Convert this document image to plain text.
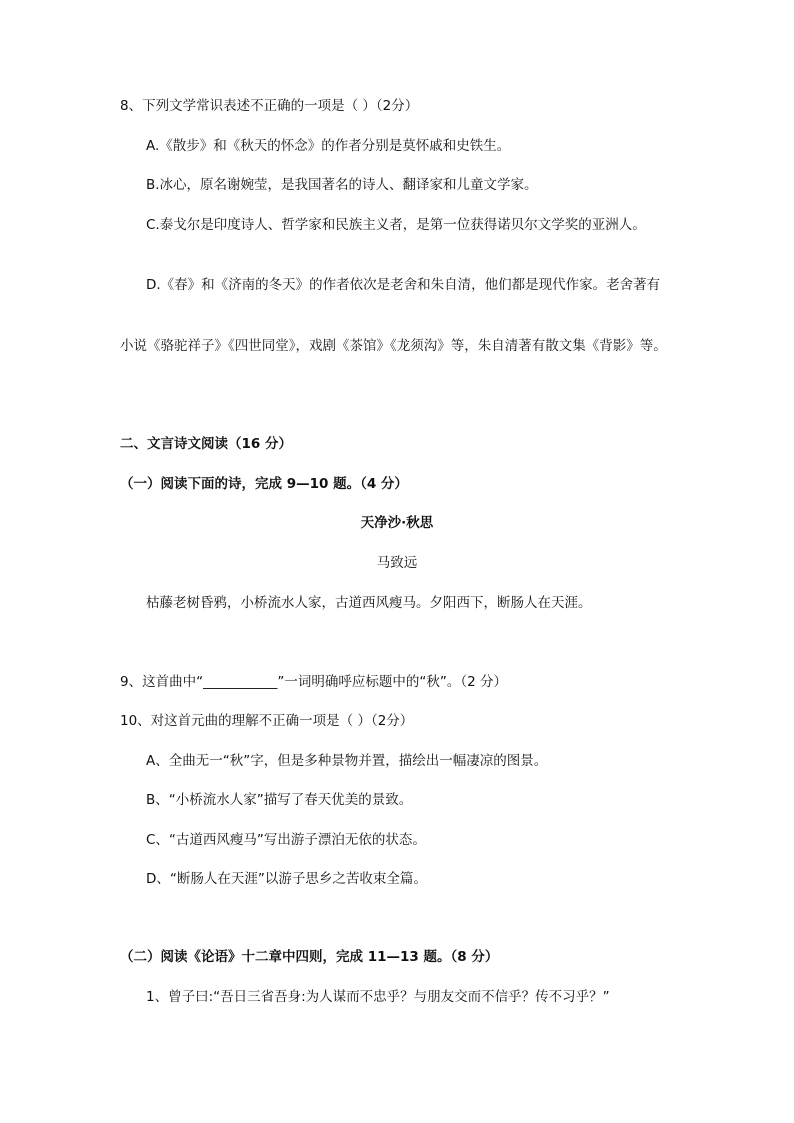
8、下列文学常识表述不正确的一项是（ ）（2分）
A.《散步》和《秋天的怀念》的作者分别是莫怀戚和史铁生。
B.冰心，原名谢婉莹，是我国著名的诗人、翻译家和儿童文学家。
C.泰戈尔是印度诗人、哲学家和民族主义者，是第一位获得诺贝尔文学奖的亚洲人。
D.《春》和《济南的冬天》的作者依次是老舍和朱自清，他们都是现代作家。老舍著有
小说《骆驼祥子》《四世同堂》，戏剧《茶馆》《龙须沟》等，朱自清著有散文集《背影》等。
二、文言诗文阅读（16 分）
（一）阅读下面的诗，完成 9—10 题。（4 分）
天净沙·秋思
马致远
枯藤老树昏鸦，小桥流水人家，古道西风瘦马。夕阳西下，断肠人在天涯。
9、这首曲中“___________”一词明确呼应标题中的“秋”。（2 分）
10、对这首元曲的理解不正确一项是（ ）（2分）
A、全曲无一“秋”字，但是多种景物并置，描绘出一幅凄凉的图景。
B、“小桥流水人家”描写了春天优美的景致。
C、“古道西风瘦马”写出游子漂泊无依的状态。
D、“断肠人在天涯”以游子思乡之苦收束全篇。
（二）阅读《论语》十二章中四则，完成 11—13 题。（8 分）
1、曾子曰:“吾日三省吾身:为人谋而不忠乎？与朋友交而不信乎？传不习乎？”
